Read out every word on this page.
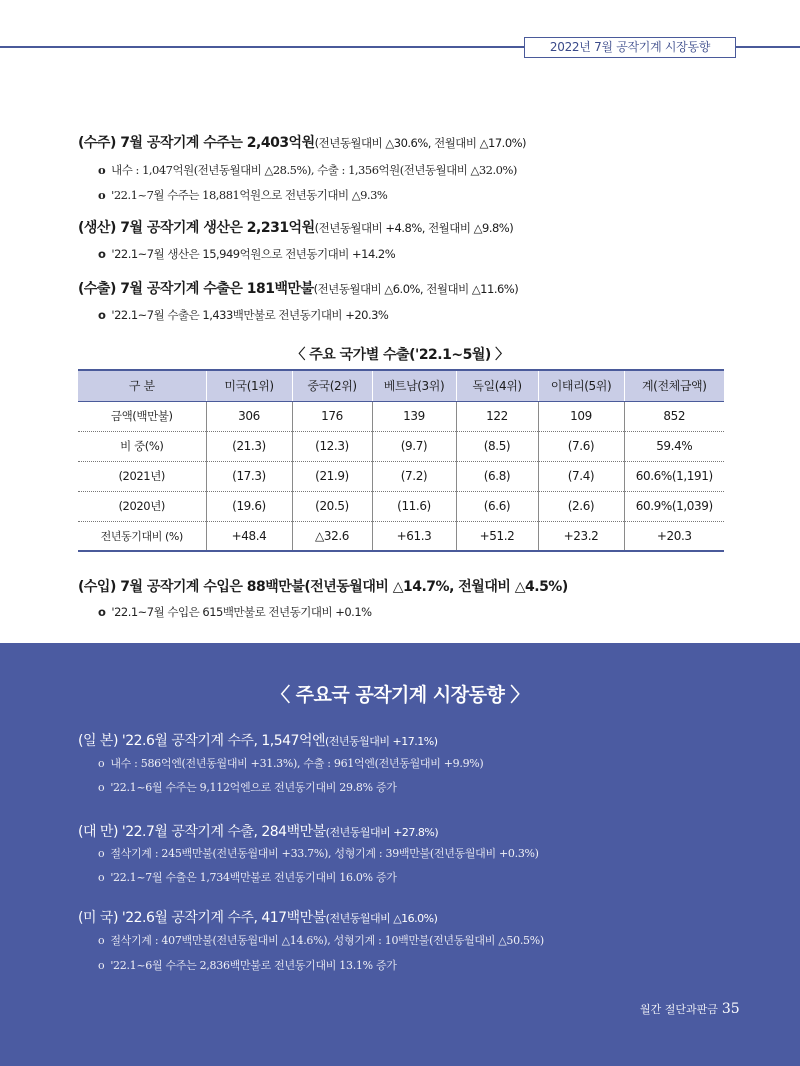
2022년 7월 공작기계 시장동향
(수주) 7월 공작기계 수주는 2,403억원(전년동월대비 △30.6%, 전월대비 △17.0%)
o 내수 : 1,047억원(전년동월대비 △28.5%), 수출 : 1,356억원(전년동월대비 △32.0%)
o '22.1~7월 수주는 18,881억원으로 전년동기대비 △9.3%
(생산) 7월 공작기계 생산은 2,231억원(전년동월대비 +4.8%, 전월대비 △9.8%)
o '22.1~7월 생산은 15,949억원으로 전년동기대비 +14.2%
(수출) 7월 공작기계 수출은 181백만불(전년동월대비 △6.0%, 전월대비 △11.6%)
o '22.1~7월 수출은 1,433백만불로 전년동기대비 +20.3%
〈 주요 국가별 수출('22.1~5월) 〉
구 분	미국(1위)	중국(2위)	베트남(3위)	독일(4위)	이태리(5위)	계(전체금액)
금액(백만불)	306	176	139	122	109	852
비 중(%)	(21.3)	(12.3)	(9.7)	(8.5)	(7.6)	59.4%
(2021년)	(17.3)	(21.9)	(7.2)	(6.8)	(7.4)	60.6%(1,191)
(2020년)	(19.6)	(20.5)	(11.6)	(6.6)	(2.6)	60.9%(1,039)
전년동기대비 (%)	+48.4	△32.6	+61.3	+51.2	+23.2	+20.3
(수입) 7월 공작기계 수입은 88백만불(전년동월대비 △14.7%, 전월대비 △4.5%)
o '22.1~7월 수입은 615백만불로 전년동기대비 +0.1%
〈 주요국 공작기계 시장동향 〉
(일 본) '22.6월 공작기계 수주, 1,547억엔(전년동월대비 +17.1%)
o 내수 : 586억엔(전년동월대비 +31.3%), 수출 : 961억엔(전년동월대비 +9.9%)
o '22.1~6월 수주는 9,112억엔으로 전년동기대비 29.8% 증가
(대 만) '22.7월 공작기계 수출, 284백만불(전년동월대비 +27.8%)
o 절삭기계 : 245백만불(전년동월대비 +33.7%), 성형기계 : 39백만불(전년동월대비 +0.3%)
o '22.1~7월 수출은 1,734백만불로 전년동기대비 16.0% 증가
(미 국) '22.6월 공작기계 수주, 417백만불(전년동월대비 △16.0%)
o 절삭기계 : 407백만불(전년동월대비 △14.6%), 성형기계 : 10백만불(전년동월대비 △50.5%)
o '22.1~6월 수주는 2,836백만불로 전년동기대비 13.1% 증가
월간 절단과판금 35
